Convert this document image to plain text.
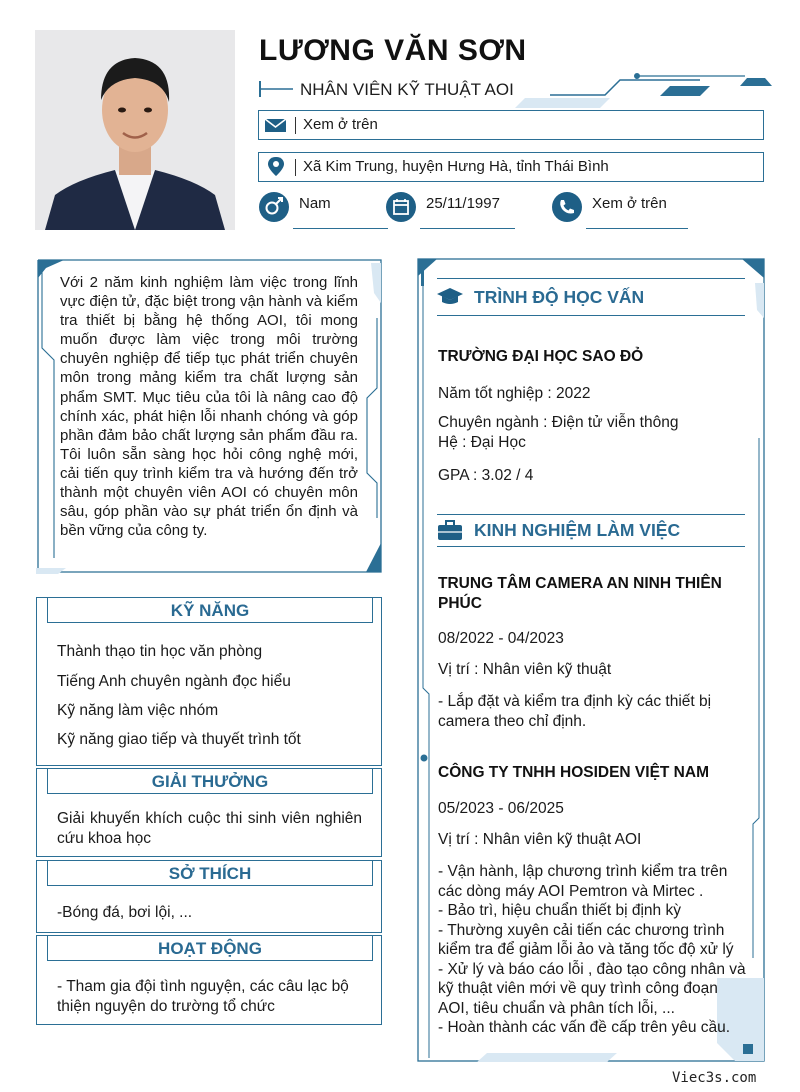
LƯƠNG VĂN SƠN
NHÂN VIÊN KỸ THUẬT AOI
Xem ở trên
Xã Kim Trung, huyện Hưng Hà, tỉnh Thái Bình
Nam	25/11/1997	Xem ở trên
Với 2 năm kinh nghiệm làm việc trong lĩnh vực điện tử, đặc biệt trong vận hành và kiểm tra thiết bị bằng hệ thống AOI, tôi mong muốn được làm việc trong môi trường chuyên nghiệp để tiếp tục phát triển chuyên môn trong mảng kiểm tra chất lượng sản phẩm SMT. Mục tiêu của tôi là nâng cao độ chính xác, phát hiện lỗi nhanh chóng và góp phần đảm bảo chất lượng sản phẩm đầu ra. Tôi luôn sẵn sàng học hỏi công nghệ mới, cải tiến quy trình kiểm tra và hướng đến trở thành một chuyên viên AOI có chuyên môn sâu, góp phần vào sự phát triển ổn định và bền vững của công ty.
KỸ NĂNG
Thành thạo tin học văn phòng
Tiếng Anh chuyên ngành đọc hiểu
Kỹ năng làm việc nhóm
Kỹ năng giao tiếp và thuyết trình tốt
GIẢI THƯỞNG
Giải khuyến khích cuộc thi sinh viên nghiên cứu khoa học
SỞ THÍCH
-Bóng đá, bơi lội, ...
HOẠT ĐỘNG
- Tham gia đội tình nguyện, các câu lạc bộ thiện nguyện do trường tổ chức
TRÌNH ĐỘ HỌC VẤN
TRƯỜNG ĐẠI HỌC SAO ĐỎ
Năm tốt nghiệp : 2022
Chuyên ngành : Điện tử viễn thông
Hệ : Đại Học
GPA : 3.02 / 4
KINH NGHIỆM LÀM VIỆC
TRUNG TÂM CAMERA AN NINH THIÊN PHÚC
08/2022 - 04/2023
Vị trí : Nhân viên kỹ thuật
- Lắp đặt và kiểm tra định kỳ các thiết bị camera theo chỉ định.
CÔNG TY TNHH HOSIDEN VIỆT NAM
05/2023 - 06/2025
Vị trí : Nhân viên kỹ thuật AOI
- Vận hành, lập chương trình kiểm tra trên các dòng máy AOI Pemtron và Mirtec .
- Bảo trì, hiệu chuẩn thiết bị định kỳ
- Thường xuyên cải tiến các chương trình kiểm tra để giảm lỗi ảo và tăng tốc độ xử lý
- Xử lý và báo cáo lỗi , đào tạo công nhân và kỹ thuật viên mới về quy trình công đoạn AOI, tiêu chuẩn và phân tích lỗi, ...
- Hoàn thành các vấn đề cấp trên yêu cầu.
Viec3s.com
